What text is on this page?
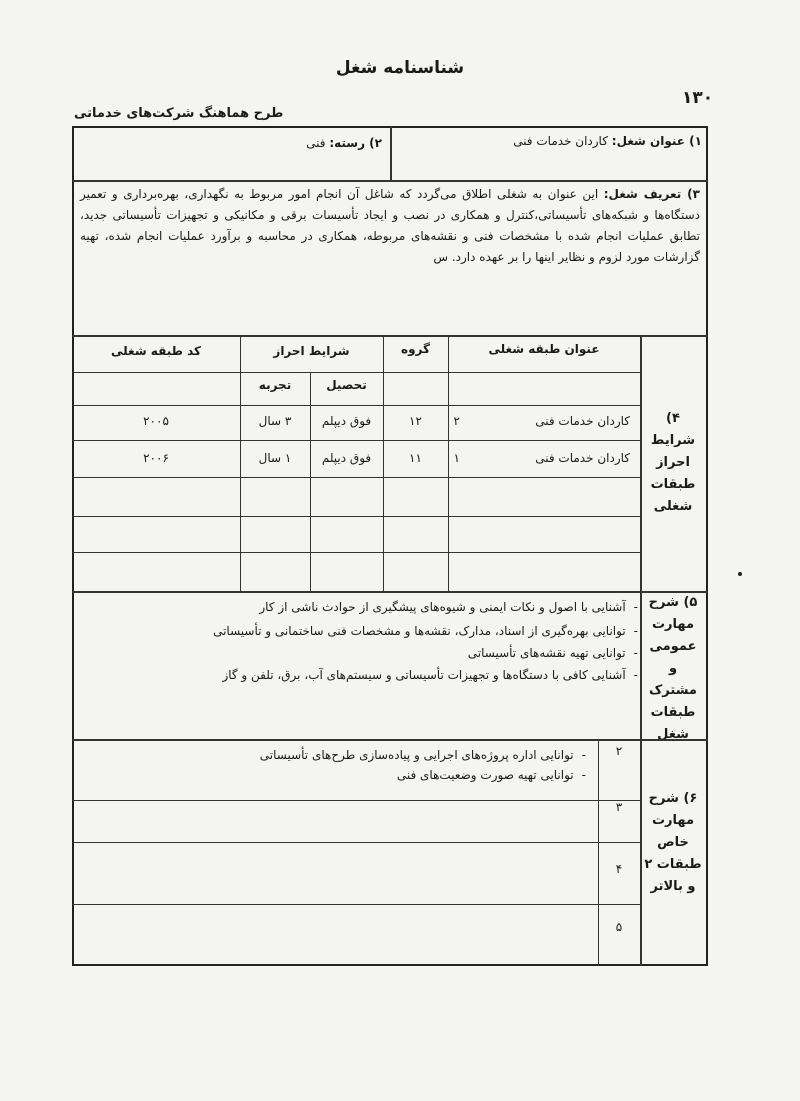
شناسنامه شغل
۱۳۰
طرح هماهنگ شرکت‌های خدماتی
۱) عنوان شغل: کاردان خدمات فنی
۲) رسته: فنی
۳) تعریف شغل: این عنوان به شغلی اطلاق می‌گردد که شاغل آن انجام امور مربوط به نگهداری، بهره‌برداری و تعمیر دستگاه‌ها و شبکه‌های تأسیساتی،کنترل و همکاری در نصب و ایجاد تأسیسات برقی و مکانیکی و تجهیزات تأسیساتی جدید، تطابق عملیات انجام شده با مشخصات فنی و نقشه‌های مربوطه، همکاری در محاسبه و برآورد عملیات انجام شده، تهیه گزارشات مورد لزوم و نظایر اینها را بر عهده دارد. س
۴) شرایط احراز طبقات شغلی
عنوان طبقه شغلی
گروه
شرایط احراز
کد طبقه شغلی
تحصیل
تجربه
کاردان خدمات فنی
۲
۱۲
فوق دیپلم
۳ سال
۲۰۰۵
کاردان خدمات فنی
۱
۱۱
فوق دیپلم
۱ سال
۲۰۰۶
۵) شرح مهارت عمومی و مشترک طبقات شغل
-آشنایی با اصول و نکات ایمنی و شیوه‌های پیشگیری از حوادث ناشی از کار
-توانایی بهره‌گیری از اسناد، مدارک، نقشه‌ها و مشخصات فنی ساختمانی و تأسیساتی
-توانایی تهیه نقشه‌های تأسیساتی
-آشنایی کافی با دستگاه‌ها و تجهیزات تأسیساتی و سیستم‌های آب، برق، تلفن و گاز
۶) شرح مهارت خاص طبقات ۲ و بالاتر
۲
۳
۴
۵
-توانایی اداره پروژه‌های اجرایی و پیاده‌سازی طرح‌های تأسیساتی
-توانایی تهیه صورت وضعیت‌های فنی
